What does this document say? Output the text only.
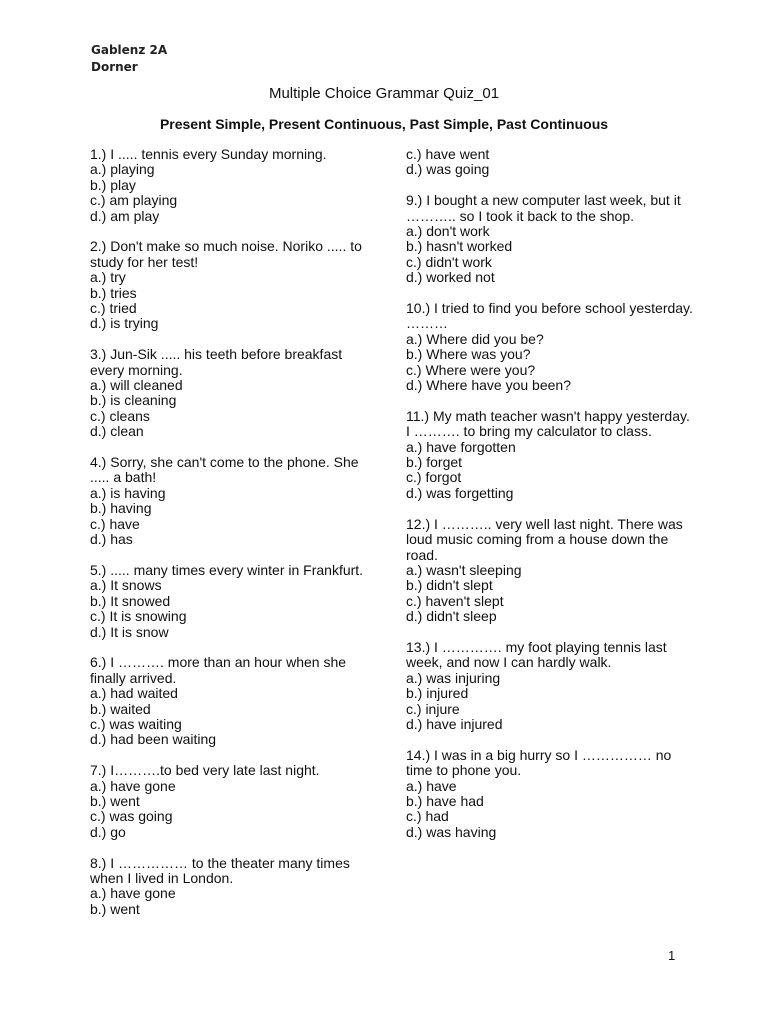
Gablenz 2A
Dorner
Multiple Choice Grammar Quiz_01
Present Simple, Present Continuous, Past Simple, Past Continuous
1.) I ..... tennis every Sunday morning.
a.) playing
b.) play
c.) am playing
d.) am play
2.) Don't make so much noise. Noriko ..... to study for her test!
a.) try
b.) tries
c.) tried
d.) is trying
3.) Jun-Sik ..... his teeth before breakfast every morning.
a.) will cleaned
b.) is cleaning
c.) cleans
d.) clean
4.) Sorry, she can't come to the phone. She ..... a bath!
a.) is having
b.) having
c.) have
d.) has
5.) ..... many times every winter in Frankfurt.
a.) It snows
b.) It snowed
c.) It is snowing
d.) It is snow
6.) I ………. more than an hour when she finally arrived.
a.) had waited
b.) waited
c.) was waiting
d.) had been waiting
7.) I……….to bed very late last night.
a.) have gone
b.) went
c.) was going
d.) go
8.) I …………… to the theater many times when I lived in London.
a.) have gone
b.) went
c.) have went
d.) was going
9.) I bought a new computer last week, but it ……….. so I took it back to the shop.
a.) don't work
b.) hasn't worked
c.) didn't work
d.) worked not
10.) I tried to find you before school yesterday. ………
a.) Where did you be?
b.) Where was you?
c.) Where were you?
d.) Where have you been?
11.) My math teacher wasn't happy yesterday. I ………. to bring my calculator to class.
a.) have forgotten
b.) forget
c.) forgot
d.) was forgetting
12.) I ……….. very well last night. There was loud music coming from a house down the road.
a.) wasn't sleeping
b.) didn't slept
c.) haven't slept
d.) didn't sleep
13.) I …………. my foot playing tennis last week, and now I can hardly walk.
a.) was injuring
b.) injured
c.) injure
d.) have injured
14.) I was in a big hurry so I …………… no time to phone you.
a.) have
b.) have had
c.) had
d.) was having
1
